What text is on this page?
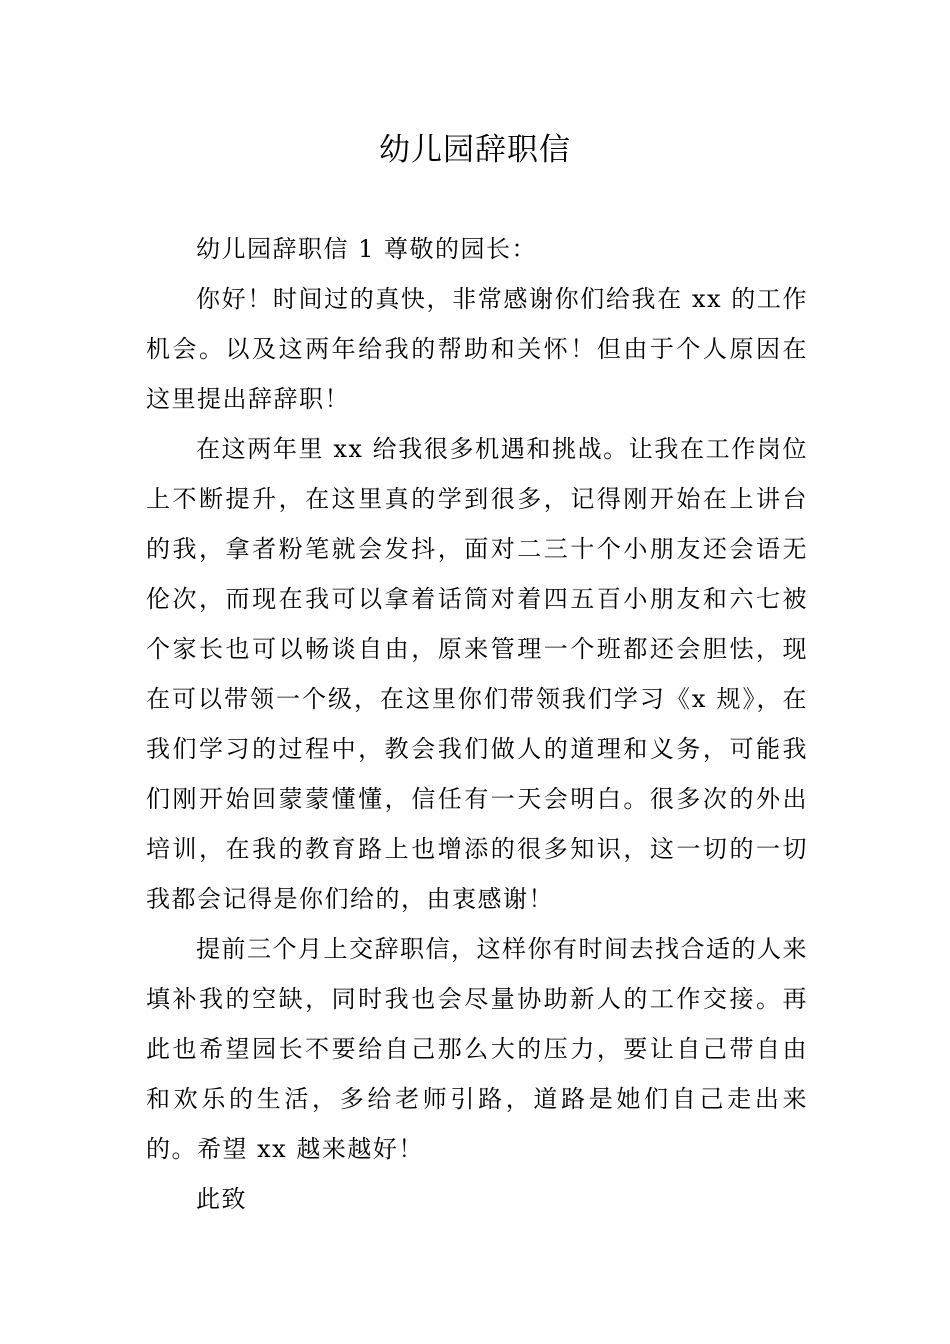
幼儿园辞职信

幼儿园辞职信 1 尊敬的园长：

你好！时间过的真快，非常感谢你们给我在 xx 的工作机会。以及这两年给我的帮助和关怀！但由于个人原因在这里提出辞辞职！

在这两年里 xx 给我很多机遇和挑战。让我在工作岗位上不断提升，在这里真的学到很多，记得刚开始在上讲台的我，拿者粉笔就会发抖，面对二三十个小朋友还会语无伦次，而现在我可以拿着话筒对着四五百小朋友和六七被个家长也可以畅谈自由，原来管理一个班都还会胆怯，现在可以带领一个级，在这里你们带领我们学习《x 规》，在我们学习的过程中，教会我们做人的道理和义务，可能我们刚开始回蒙蒙懂懂，信任有一天会明白。很多次的外出培训，在我的教育路上也增添的很多知识，这一切的一切我都会记得是你们给的，由衷感谢！

提前三个月上交辞职信，这样你有时间去找合适的人来填补我的空缺，同时我也会尽量协助新人的工作交接。再此也希望园长不要给自己那么大的压力，要让自己带自由和欢乐的生活，多给老师引路，道路是她们自己走出来的。希望 xx 越来越好！

此致
